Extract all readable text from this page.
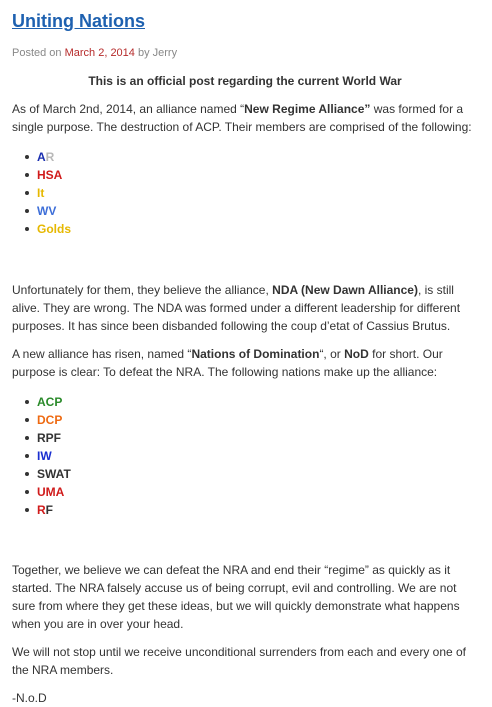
Uniting Nations
Posted on March 2, 2014 by Jerry

This is an official post regarding the current World War

As of March 2nd, 2014, an alliance named “New Regime Alliance” was formed for a single purpose. The destruction of ACP. Their members are comprised of the following:

AR
HSA
It
WV
Golds

Unfortunately for them, they believe the alliance, NDA (New Dawn Alliance), is still alive. They are wrong. The NDA was formed under a different leadership for different purposes. It has since been disbanded following the coup d’etat of Cassius Brutus.

A new alliance has risen, named “Nations of Domination“, or NoD for short. Our purpose is clear: To defeat the NRA. The following nations make up the alliance:

ACP
DCP
RPF
IW
SWAT
UMA
RF

Together, we believe we can defeat the NRA and end their “regime” as quickly as it started. The NRA falsely accuse us of being corrupt, evil and controlling. We are not sure from where they get these ideas, but we will quickly demonstrate what happens when you are in over your head.

We will not stop until we receive unconditional surrenders from each and every one of the NRA members.

-N.o.D
